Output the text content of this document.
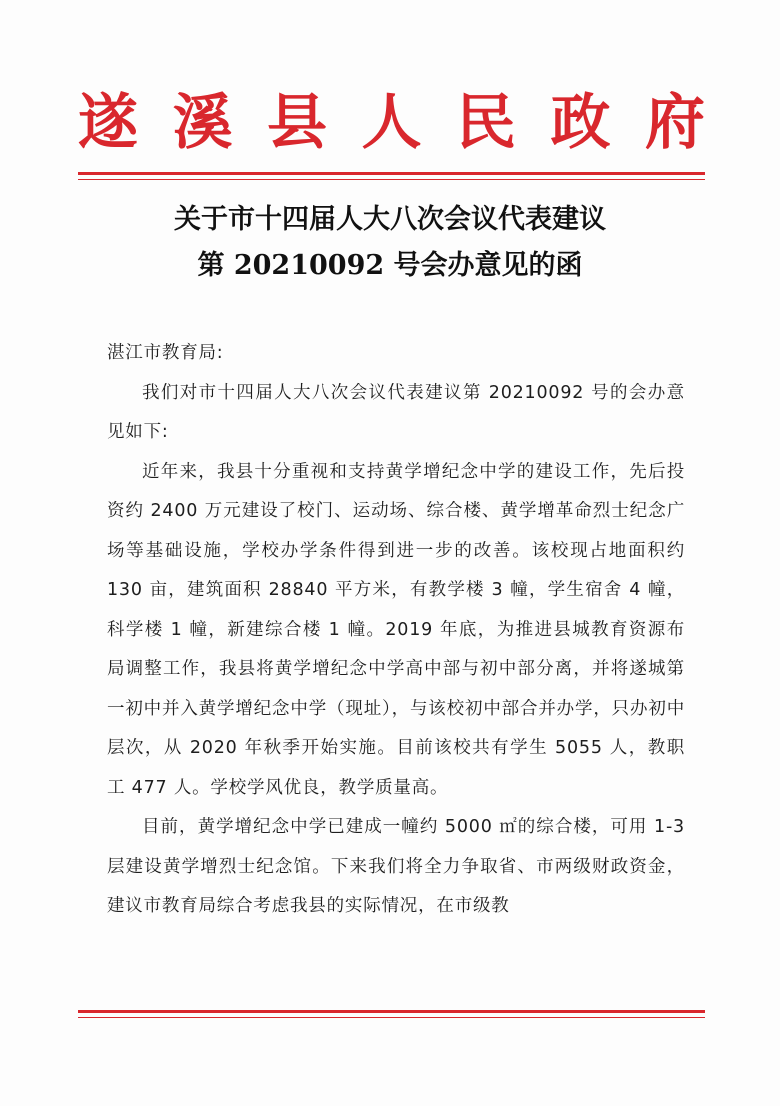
遂 溪 县 人 民 政 府
关于市十四届人大八次会议代表建议
第 20210092 号会办意见的函

湛江市教育局:

我们对市十四届人大八次会议代表建议第 20210092 号的会办意见如下:

近年来，我县十分重视和支持黄学增纪念中学的建设工作，先后投资约 2400 万元建设了校门、运动场、综合楼、黄学增革命烈士纪念广场等基础设施，学校办学条件得到进一步的改善。该校现占地面积约 130 亩，建筑面积 28840 平方米，有教学楼 3 幢，学生宿舍 4 幢，科学楼 1 幢，新建综合楼 1 幢。2019 年底，为推进县城教育资源布局调整工作，我县将黄学增纪念中学高中部与初中部分离，并将遂城第一初中并入黄学增纪念中学（现址），与该校初中部合并办学，只办初中层次，从 2020 年秋季开始实施。目前该校共有学生 5055 人，教职工 477 人。学校学风优良，教学质量高。

目前，黄学增纪念中学已建成一幢约 5000 ㎡的综合楼，可用 1-3 层建设黄学增烈士纪念馆。下来我们将全力争取省、市两级财政资金，建议市教育局综合考虑我县的实际情况，在市级教
